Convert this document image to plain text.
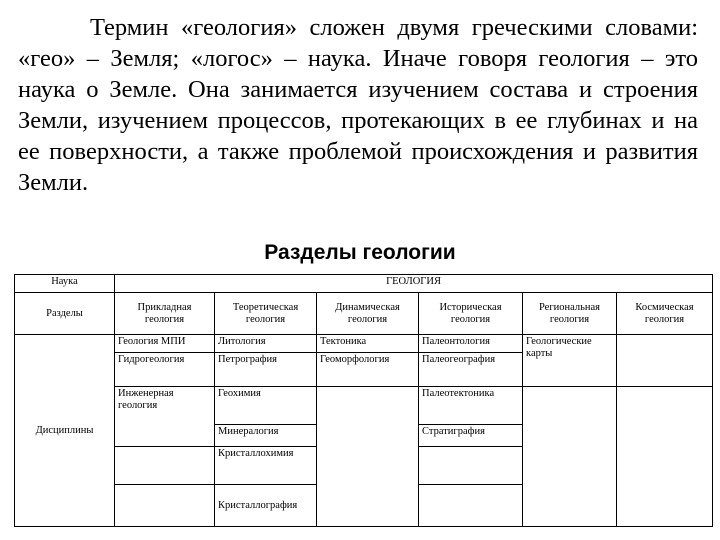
Термин «геология» сложен двумя греческими словами: «гео» – Земля; «логос» – наука. Иначе говоря геология – это наука о Земле. Она занимается изучением состава и строения Земли, изучением процессов, протекающих в ее глубинах и на ее поверхности, а также проблемой происхождения и развития Земли.

Разделы геологии
Наука	ГЕОЛОГИЯ					
Разделы	Прикладная геология	Теоретическая геология	Динамическая геология	Историческая геология	Региональная геология	Космическая геология
Дисциплины	Геология МПИ	Литология	Тектоника	Палеонтология	Геологические карты	
	Гидрогеология	Петрография	Геоморфология	Палеогеография		
	Инженерная геология	Геохимия		Палеотектоника		
		Минералогия		Стратиграфия		
		Кристаллохимия				
		Кристаллография				
